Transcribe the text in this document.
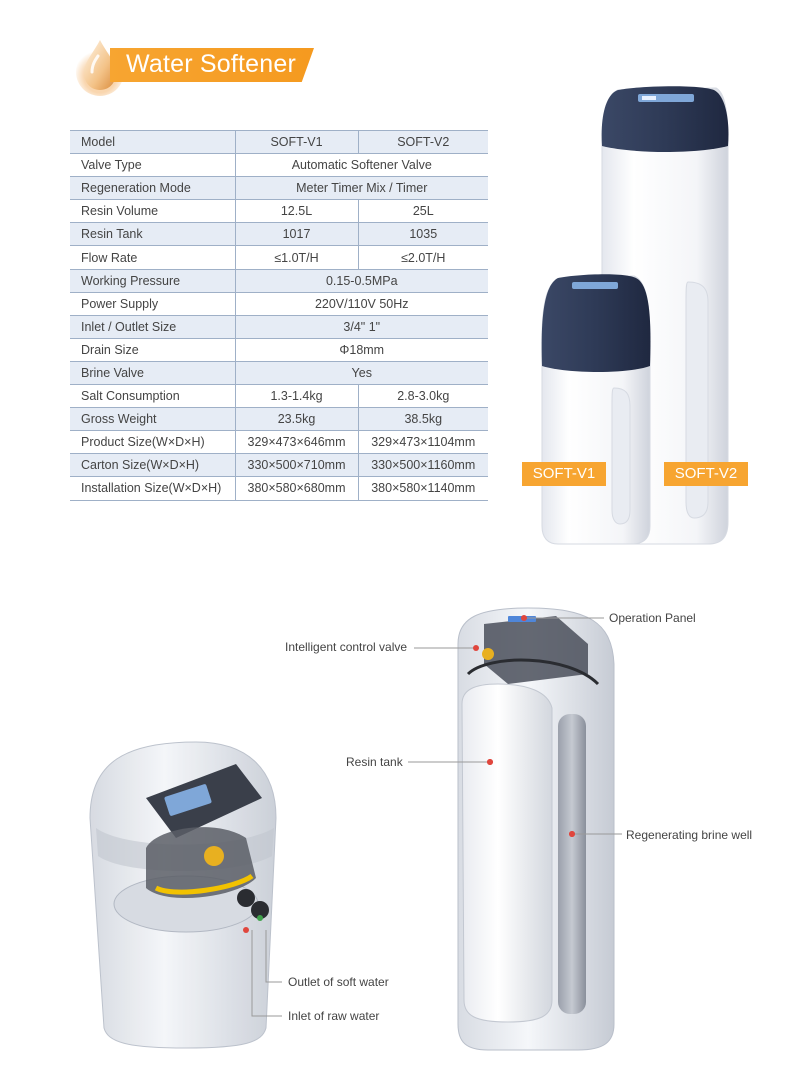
Water Softener
Model	SOFT-V1	SOFT-V2
Valve Type	Automatic Softener Valve	
Regeneration Mode	Meter Timer Mix / Timer	
Resin Volume	12.5L	25L
Resin Tank	1017	1035
Flow Rate	≤1.0T/H	≤2.0T/H
Working Pressure	0.15-0.5MPa	
Power Supply	220V/110V 50Hz	
Inlet / Outlet Size	3/4" 1"	
Drain Size	Φ18mm	
Brine Valve	Yes	
Salt Consumption	1.3-1.4kg	2.8-3.0kg
Gross Weight	23.5kg	38.5kg
Product Size(W×D×H)	329×473×646mm	329×473×1104mm
Carton Size(W×D×H)	330×500×710mm	330×500×1160mm
Installation Size(W×D×H)	380×580×680mm	380×580×1140mm
SOFT-V1	SOFT-V2
Operation Panel
Intelligent control valve
Resin tank
Regenerating brine well
Outlet of soft water
Inlet of raw water
